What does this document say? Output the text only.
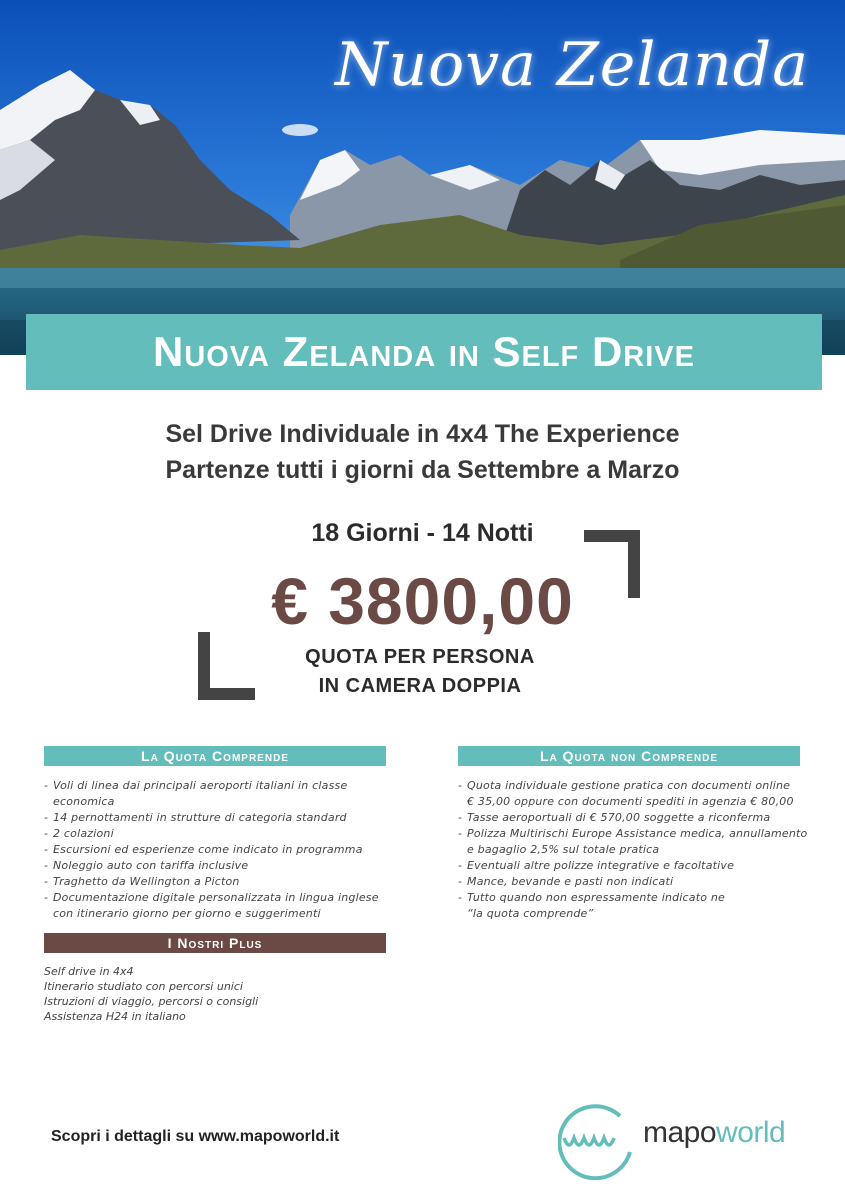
Nuova Zelanda
Nuova Zelanda in Self Drive
Sel Drive Individuale in 4x4 The Experience
Partenze tutti i giorni da Settembre a Marzo
18 Giorni - 14 Notti
€ 3800,00
QUOTA PER PERSONA
IN CAMERA DOPPIA
La Quota Comprende
- Voli di linea dai principali aeroporti italiani in classe economica
- 14 pernottamenti in strutture di categoria standard
- 2 colazioni
- Escursioni ed esperienze come indicato in programma
- Noleggio auto con tariffa inclusive
- Traghetto da Wellington a Picton
- Documentazione digitale personalizzata in lingua inglese
con itinerario giorno per giorno e suggerimenti
La Quota non Comprende
- Quota individuale gestione pratica con documenti online
€ 35,00 oppure con documenti spediti in agenzia € 80,00
- Tasse aeroportuali di € 570,00 soggette a riconferma
- Polizza Multirischi Europe Assistance medica, annullamento
e bagaglio 2,5% sul totale pratica
- Eventuali altre polizze integrative e facoltative
- Mance, bevande e pasti non indicati
- Tutto quando non espressamente indicato ne
“la quota comprende”
I Nostri Plus
Self drive in 4x4
Itinerario studiato con percorsi unici
Istruzioni di viaggio, percorsi o consigli
Assistenza H24 in italiano
Scopri i dettagli su www.mapoworld.it	mapoworld
